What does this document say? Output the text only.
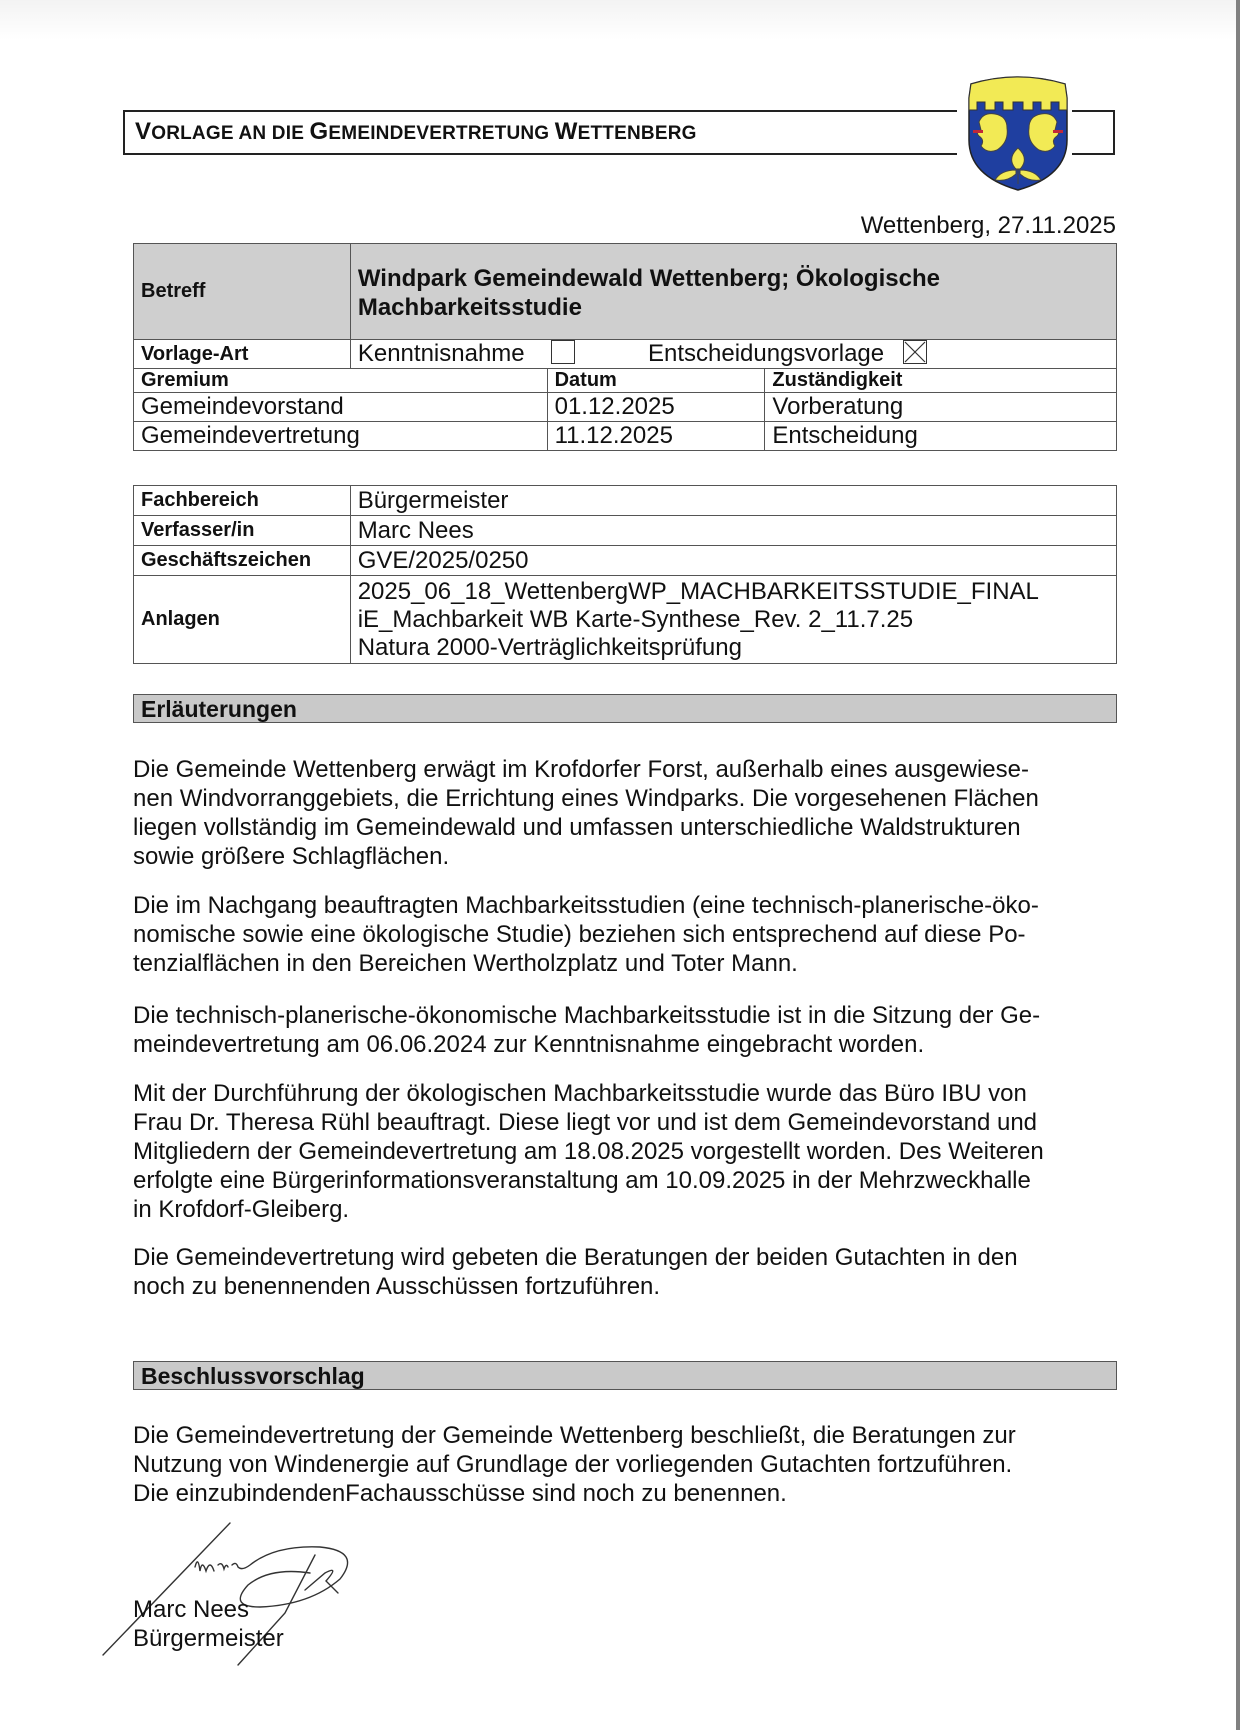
VORLAGE AN DIE GEMEINDEVERTRETUNG WETTENBERG
Wettenberg, 27.11.2025
Betreff	Windpark Gemeindewald Wettenberg; Ökologische
Machbarkeitsstudie		

Vorlage-Art	Kenntnisnahme Entscheidungsvorlage		

Gremium		Datum	Zuständigkeit
Gemeindevorstand		01.12.2025	Vorberatung
Gemeindevertretung		11.12.2025	Entscheidung
Fachbereich	Bürgermeister
Verfasser/in	Marc Nees
Geschäftszeichen	GVE/2025/0250
Anlagen	2025_06_18_WettenbergWP_MACHBARKEITSSTUDIE_FINAL
iE_Machbarkeit WB Karte-Synthese_Rev. 2_11.7.25
Natura 2000-Verträglichkeitsprüfung
Erläuterungen
Die Gemeinde Wettenberg erwägt im Krofdorfer Forst, außerhalb eines ausgewiese-
nen Windvorranggebiets, die Errichtung eines Windparks. Die vorgesehenen Flächen
liegen vollständig im Gemeindewald und umfassen unterschiedliche Waldstrukturen
sowie größere Schlagflächen.
Die im Nachgang beauftragten Machbarkeitsstudien (eine technisch-planerische-öko-
nomische sowie eine ökologische Studie) beziehen sich entsprechend auf diese Po-
tenzialflächen in den Bereichen Wertholzplatz und Toter Mann.
Die technisch-planerische-ökonomische Machbarkeitsstudie ist in die Sitzung der Ge-
meindevertretung am 06.06.2024 zur Kenntnisnahme eingebracht worden.
Mit der Durchführung der ökologischen Machbarkeitsstudie wurde das Büro IBU von
Frau Dr. Theresa Rühl beauftragt. Diese liegt vor und ist dem Gemeindevorstand und
Mitgliedern der Gemeindevertretung am 18.08.2025 vorgestellt worden. Des Weiteren
erfolgte eine Bürgerinformationsveranstaltung am 10.09.2025 in der Mehrzweckhalle
in Krofdorf-Gleiberg.
Die Gemeindevertretung wird gebeten die Beratungen der beiden Gutachten in den
noch zu benennenden Ausschüssen fortzuführen.
Beschlussvorschlag
Die Gemeindevertretung der Gemeinde Wettenberg beschließt, die Beratungen zur
Nutzung von Windenergie auf Grundlage der vorliegenden Gutachten fortzuführen.
Die einzubindendenFachausschüsse sind noch zu benennen.
Marc Nees
Bürgermeister
